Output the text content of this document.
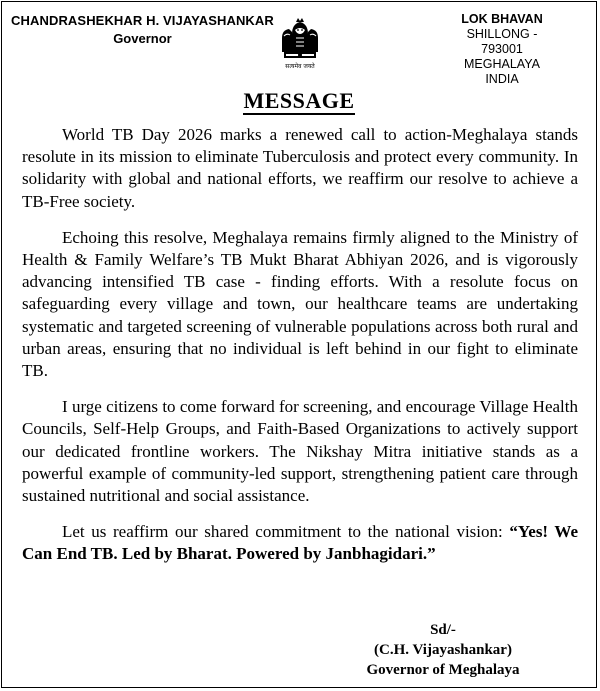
CHANDRASHEKHAR H. VIJAYASHANKAR
Governor
सत्यमेव जयते
LOK BHAVAN
SHILLONG - 793001
MEGHALAYA
INDIA
MESSAGE

World TB Day 2026 marks a renewed call to action-Meghalaya stands resolute in its mission to eliminate Tuberculosis and protect every community. In solidarity with global and national efforts, we reaffirm our resolve to achieve a TB-Free society.

Echoing this resolve, Meghalaya remains firmly aligned to the Ministry of Health & Family Welfare’s TB Mukt Bharat Abhiyan 2026, and is vigorously advancing intensified TB case - finding efforts. With a resolute focus on safeguarding every village and town, our healthcare teams are undertaking systematic and targeted screening of vulnerable populations across both rural and urban areas, ensuring that no individual is left behind in our fight to eliminate TB.

I urge citizens to come forward for screening, and encourage Village Health Councils, Self-Help Groups, and Faith-Based Organizations to actively support our dedicated frontline workers. The Nikshay Mitra initiative stands as a powerful example of community-led support, strengthening patient care through sustained nutritional and social assistance.

Let us reaffirm our shared commitment to the national vision: “Yes! We Can End TB. Led by Bharat. Powered by Janbhagidari.”

Sd/-
(C.H. Vijayashankar)
Governor of Meghalaya
